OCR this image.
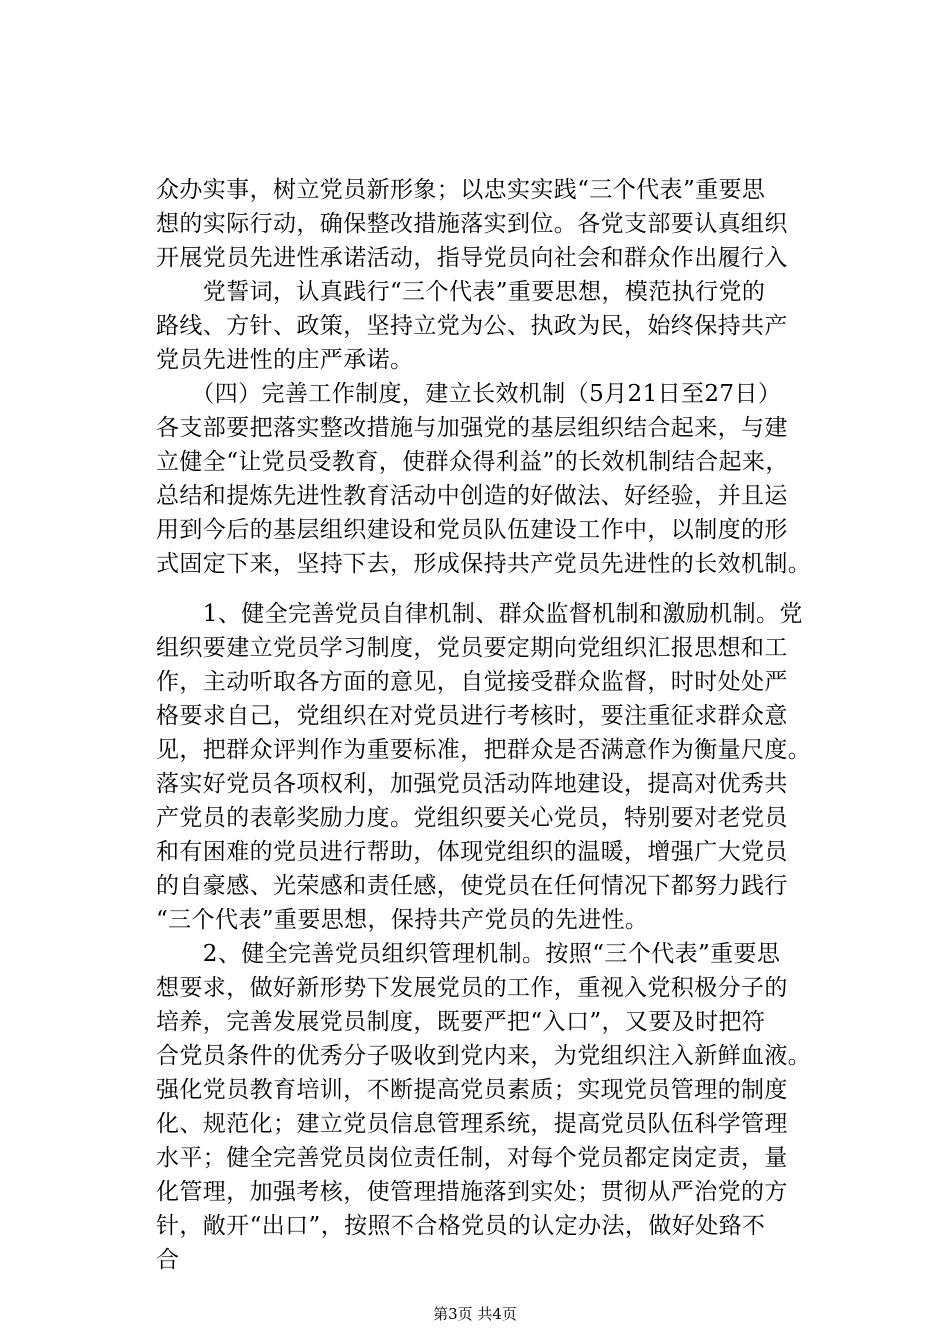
众办实事，树立党员新形象；以忠实实践“三个代表”重要思
想的实际行动，确保整改措施落实到位。各党支部要认真组织
开展党员先进性承诺活动，指导党员向社会和群众作出履行入
　　党誓词，认真践行“三个代表”重要思想，模范执行党的
路线、方针、政策，坚持立党为公、执政为民，始终保持共产
党员先进性的庄严承诺。
　　（四）完善工作制度，建立长效机制（5月21日至27日）
各支部要把落实整改措施与加强党的基层组织结合起来，与建
立健全“让党员受教育，使群众得利益”的长效机制结合起来，
总结和提炼先进性教育活动中创造的好做法、好经验，并且运
用到今后的基层组织建设和党员队伍建设工作中，以制度的形
式固定下来，坚持下去，形成保持共产党员先进性的长效机制。
　　1、健全完善党员自律机制、群众监督机制和激励机制。党
组织要建立党员学习制度，党员要定期向党组织汇报思想和工
作，主动听取各方面的意见，自觉接受群众监督，时时处处严
格要求自己，党组织在对党员进行考核时，要注重征求群众意
见，把群众评判作为重要标准，把群众是否满意作为衡量尺度。
落实好党员各项权利，加强党员活动阵地建设，提高对优秀共
产党员的表彰奖励力度。党组织要关心党员，特别要对老党员
和有困难的党员进行帮助，体现党组织的温暖，增强广大党员
的自豪感、光荣感和责任感，使党员在任何情况下都努力践行
“三个代表”重要思想，保持共产党员的先进性。
　　2、健全完善党员组织管理机制。按照“三个代表”重要思
想要求，做好新形势下发展党员的工作，重视入党积极分子的
培养，完善发展党员制度，既要严把“入口”，又要及时把符
合党员条件的优秀分子吸收到党内来，为党组织注入新鲜血液。
强化党员教育培训，不断提高党员素质；实现党员管理的制度
化、规范化；建立党员信息管理系统，提高党员队伍科学管理
水平；健全完善党员岗位责任制，对每个党员都定岗定责，量
化管理，加强考核，使管理措施落到实处；贯彻从严治党的方
针，敞开“出口”，按照不合格党员的认定办法，做好处臵不
合
第3页 共4页
